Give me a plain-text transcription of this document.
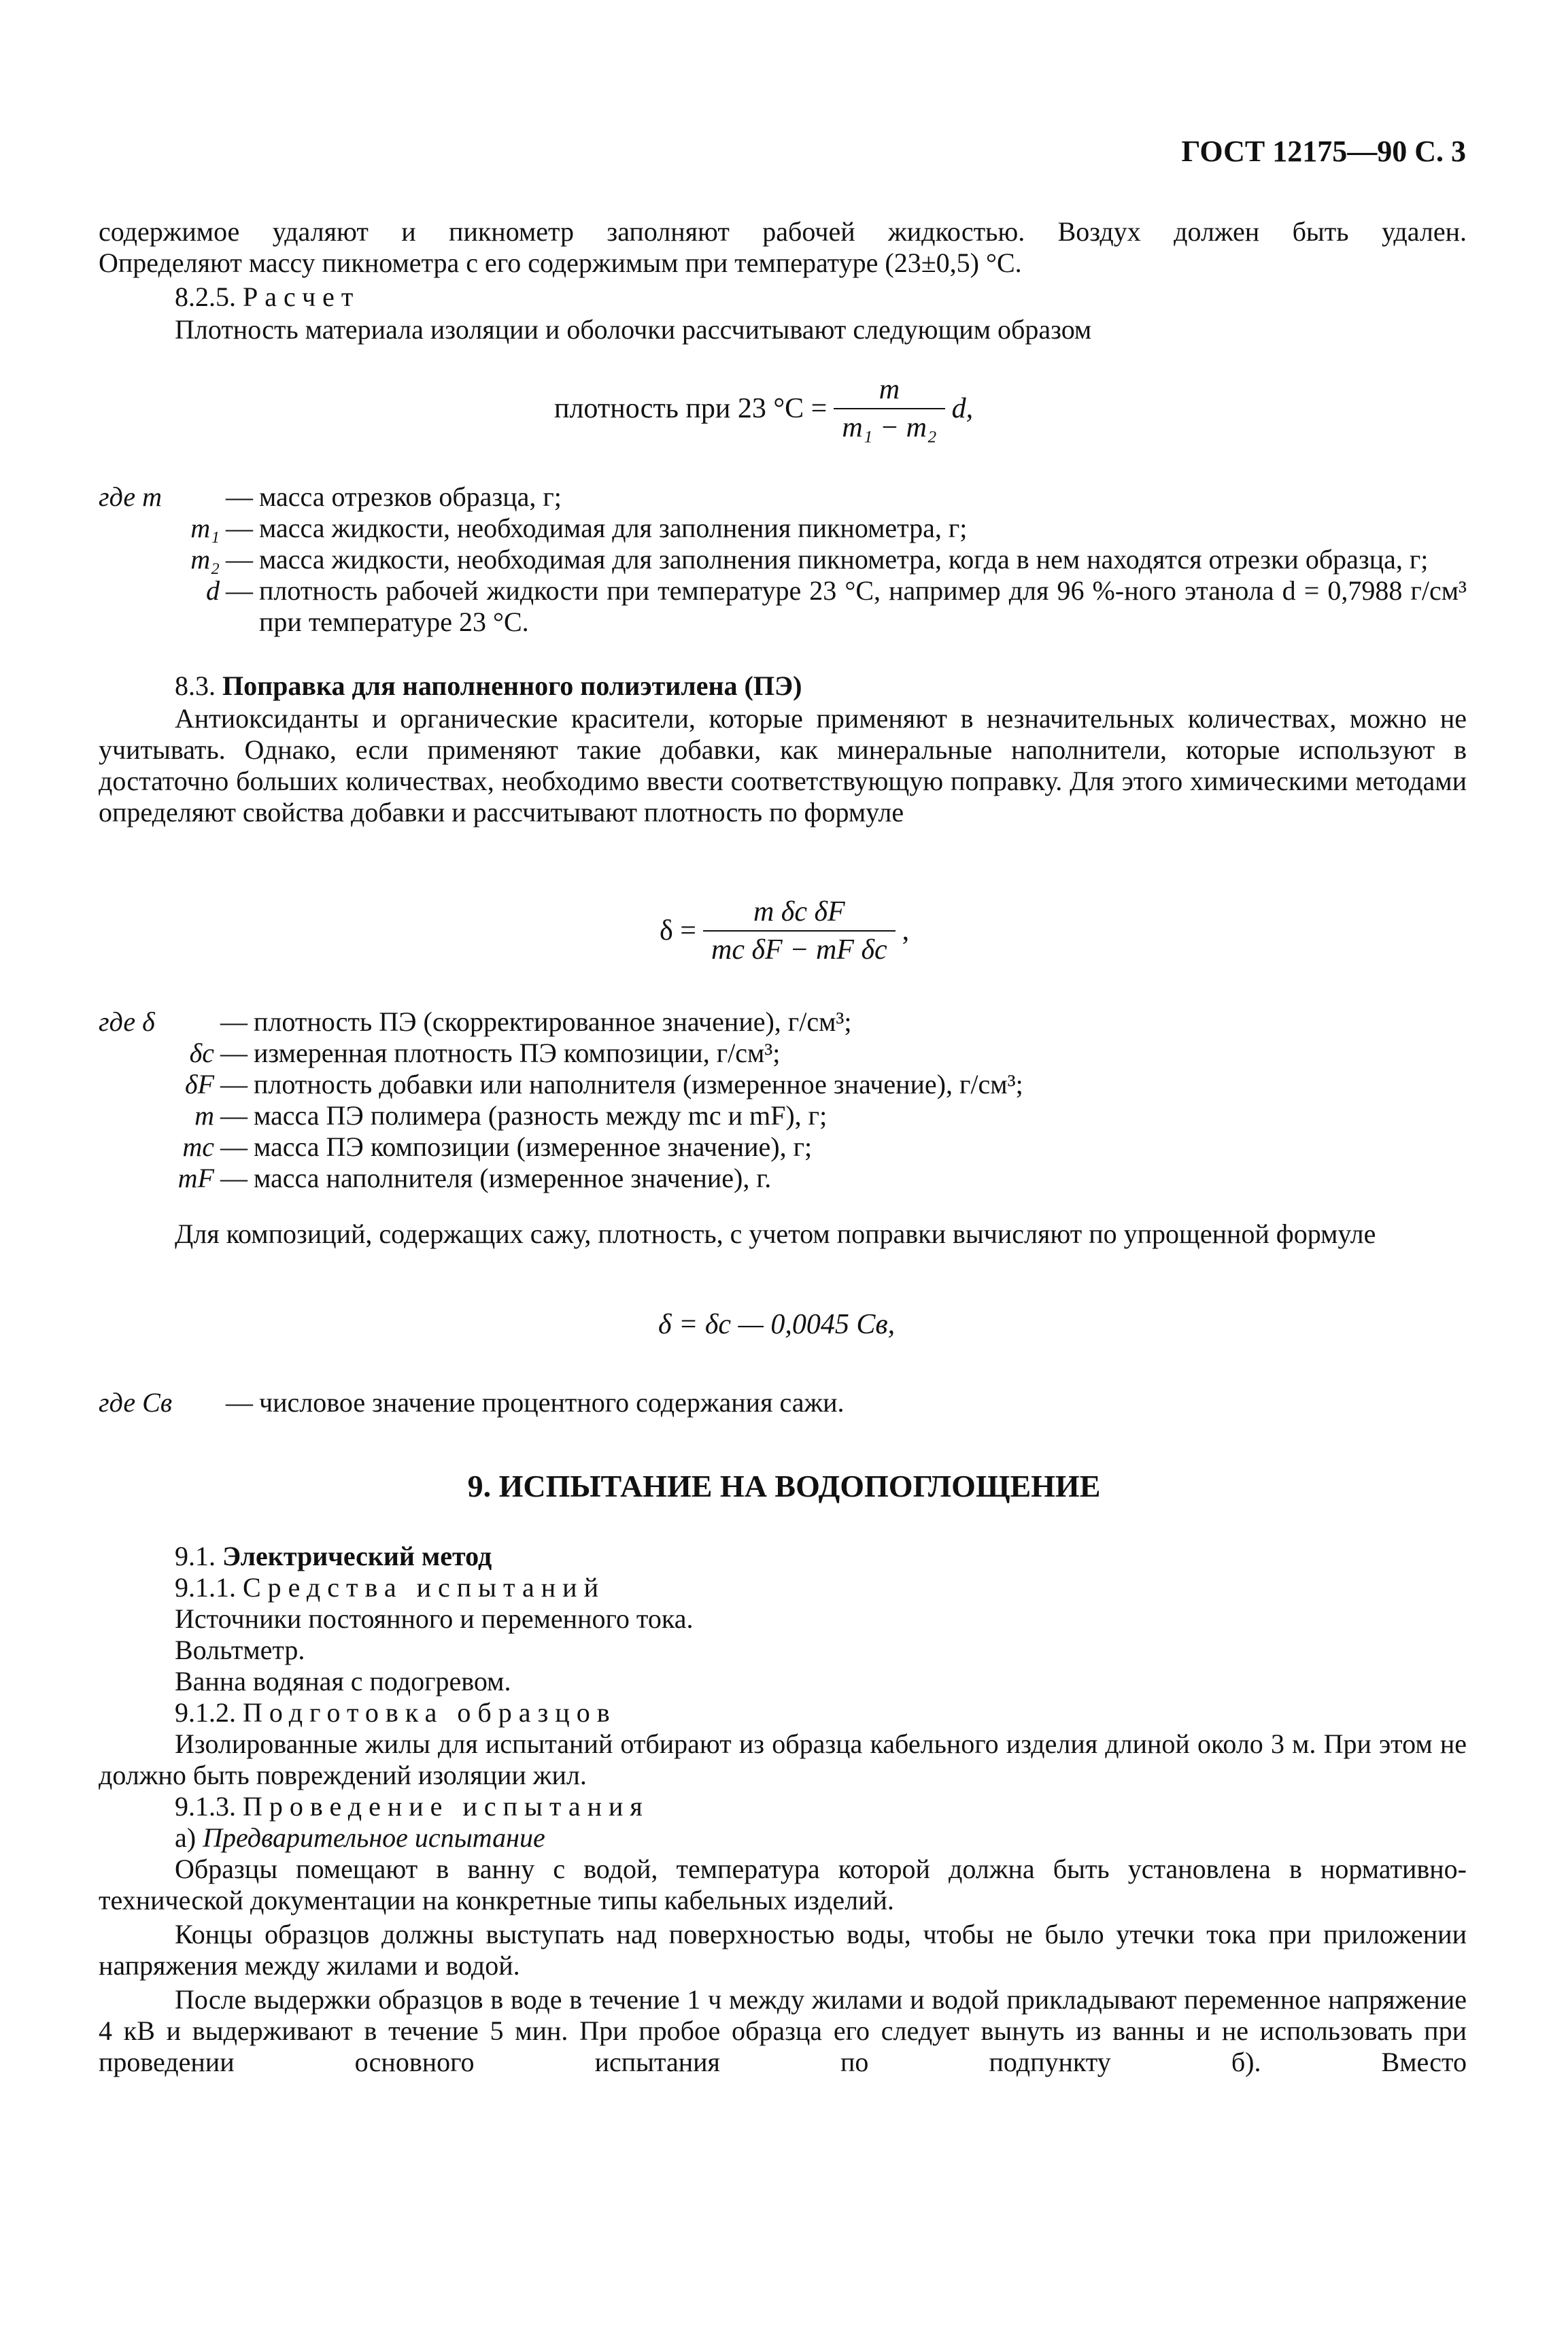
ГОСТ 12175—90 С. 3

содержимое удаляют и пикнометр заполняют рабочей жидкостью. Воздух должен быть удален.

Определяют массу пикнометра с его содержимым при температуре (23±0,5) °С.

8.2.5. Расчет

Плотность материала изоляции и оболочки рассчитывают следующим образом

плотность при 23 $^\circ С = \frac{m}{\text{m₁ − m₂}} d$,
где m	— масса отрезков образца, г;
m₁ — масса жидкости, необходимая для заполнения пикнометра, г;
m₂ — масса жидкости, необходимая для заполнения пикнометра, когда в нем находятся отрезки образца, г;
d — плотность рабочей жидкости при температуре 23 °С, например для 96 %-ного этанола d = 0,7988 г/см³ при температуре 23 °С.

8.3. Поправка для наполненного полиэтилена (ПЭ)

Антиоксиданты и органические красители, которые применяют в незначительных количествах, можно не учитывать. Однако, если применяют такие добавки, как минеральные наполнители, которые используют в достаточно больших количествах, необходимо ввести соответствующую поправку. Для этого химическими методами определяют свойства добавки и рассчитывают плотность по формуле

$\delta = \frac{\text{m δc δF}}{\text{mc δF − mF δc}}$ ,
где δ	— плотность ПЭ (скорректированное значение), г/см³;
δc — измеренная плотность ПЭ композиции, г/см³;
δF — плотность добавки или наполнителя (измеренное значение), г/см³;
m — масса ПЭ полимера (разность между mc и mF), г;
mc — масса ПЭ композиции (измеренное значение), г;
mF — масса наполнителя (измеренное значение), г.

Для композиций, содержащих сажу, плотность, с учетом поправки вычисляют по упрощенной формуле

δ = δc — 0,0045 Cв,
где Cв	— числовое значение процентного содержания сажи.
9. ИСПЫТАНИЕ НА ВОДОПОГЛОЩЕНИЕ

9.1. Электрический метод

9.1.1. Средства испытаний

Источники постоянного и переменного тока.

Вольтметр.

Ванна водяная с подогревом.

9.1.2. Подготовка образцов

Изолированные жилы для испытаний отбирают из образца кабельного изделия длиной около 3 м. При этом не должно быть повреждений изоляции жил.

9.1.3. Проведение испытания

а) Предварительное испытание

Образцы помещают в ванну с водой, температура которой должна быть установлена в нормативно-технической документации на конкретные типы кабельных изделий.

Концы образцов должны выступать над поверхностью воды, чтобы не было утечки тока при приложении напряжения между жилами и водой.

После выдержки образцов в воде в течение 1 ч между жилами и водой прикладывают переменное напряжение 4 кВ и выдерживают в течение 5 мин. При пробое образца его следует вынуть из ванны и не использовать при проведении основного испытания по подпункту б). Вместо
